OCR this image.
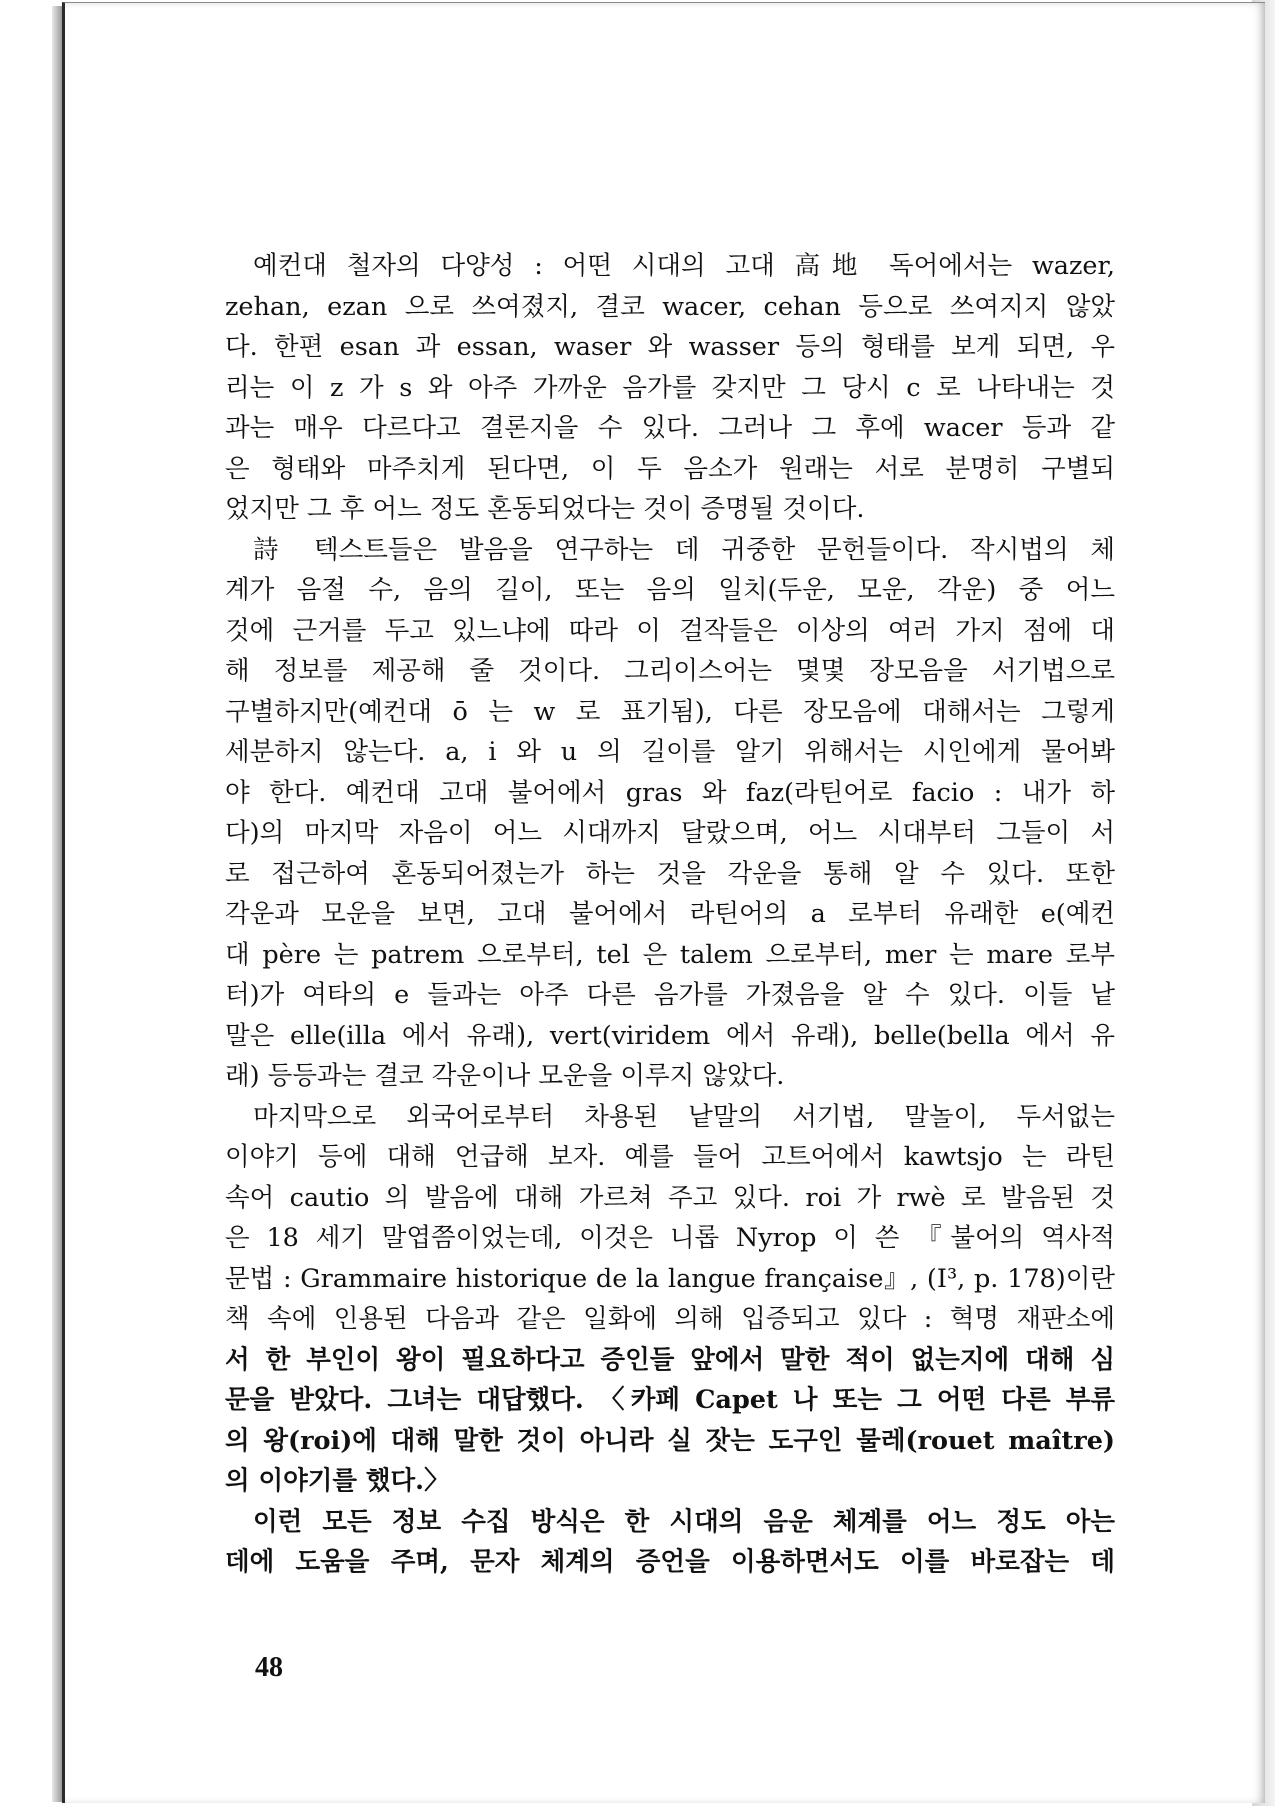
예컨대 철자의 다양성 : 어떤 시대의 고대 高地 독어에서는 wazer,
zehan, ezan 으로 쓰여졌지, 결코 wacer, cehan 등으로 쓰여지지 않았
다. 한편 esan 과 essan, waser 와 wasser 등의 형태를 보게 되면, 우
리는 이 z 가 s 와 아주 가까운 음가를 갖지만 그 당시 c 로 나타내는 것
과는 매우 다르다고 결론지을 수 있다. 그러나 그 후에 wacer 등과 같
은 형태와 마주치게 된다면, 이 두 음소가 원래는 서로 분명히 구별되
었지만 그 후 어느 정도 혼동되었다는 것이 증명될 것이다.
詩 텍스트들은 발음을 연구하는 데 귀중한 문헌들이다. 작시법의 체
계가 음절 수, 음의 길이, 또는 음의 일치(두운, 모운, 각운) 중 어느
것에 근거를 두고 있느냐에 따라 이 걸작들은 이상의 여러 가지 점에 대
해 정보를 제공해 줄 것이다. 그리이스어는 몇몇 장모음을 서기법으로
구별하지만(예컨대 ō 는 w 로 표기됨), 다른 장모음에 대해서는 그렇게
세분하지 않는다. a, i 와 u 의 길이를 알기 위해서는 시인에게 물어봐
야 한다. 예컨대 고대 불어에서 gras 와 faz(라틴어로 facio : 내가 하
다)의 마지막 자음이 어느 시대까지 달랐으며, 어느 시대부터 그들이 서
로 접근하여 혼동되어졌는가 하는 것을 각운을 통해 알 수 있다. 또한
각운과 모운을 보면, 고대 불어에서 라틴어의 a 로부터 유래한 e(예컨
대 père 는 patrem 으로부터, tel 은 talem 으로부터, mer 는 mare 로부
터)가 여타의 e 들과는 아주 다른 음가를 가졌음을 알 수 있다. 이들 낱
말은 elle(illa 에서 유래), vert(viridem 에서 유래), belle(bella 에서 유
래) 등등과는 결코 각운이나 모운을 이루지 않았다.
마지막으로 외국어로부터 차용된 낱말의 서기법, 말놀이, 두서없는
이야기 등에 대해 언급해 보자. 예를 들어 고트어에서 kawtsjo 는 라틴
속어 cautio 의 발음에 대해 가르쳐 주고 있다. roi 가 rwè 로 발음된 것
은 18 세기 말엽쯤이었는데, 이것은 니롭 Nyrop 이 쓴 『불어의 역사적
문법 : Grammaire historique de la langue française』, (I³, p. 178)이란
책 속에 인용된 다음과 같은 일화에 의해 입증되고 있다 : 혁명 재판소에
서 한 부인이 왕이 필요하다고 증인들 앞에서 말한 적이 없는지에 대해 심
문을 받았다. 그녀는 대답했다. 〈카페 Capet 나 또는 그 어떤 다른 부류
의 왕(roi)에 대해 말한 것이 아니라 실 잣는 도구인 물레(rouet maître)
의 이야기를 했다.〉
이런 모든 정보 수집 방식은 한 시대의 음운 체계를 어느 정도 아는
데에 도움을 주며, 문자 체계의 증언을 이용하면서도 이를 바로잡는 데
48
